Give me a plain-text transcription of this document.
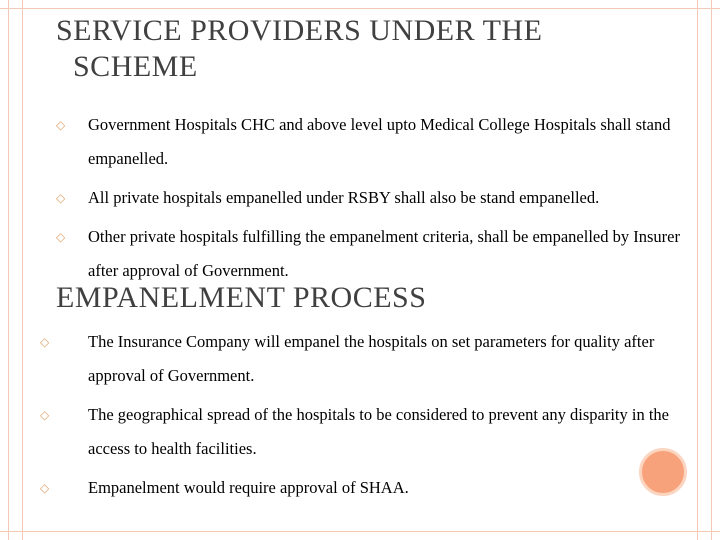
SERVICE PROVIDERS UNDER THE
SCHEME
◇ Government Hospitals CHC and above level upto Medical College Hospitals shall stand empanelled.
◇ All private hospitals empanelled under RSBY shall also be stand empanelled.
◇ Other private hospitals fulfilling the empanelment criteria, shall be empanelled by Insurer after approval of Government.
EMPANELMENT PROCESS
◇ The Insurance Company will empanel the hospitals on set parameters for quality after approval of Government.
◇ The geographical spread of the hospitals to be considered to prevent any disparity in the access to health facilities.
◇ Empanelment would require approval of SHAA.
